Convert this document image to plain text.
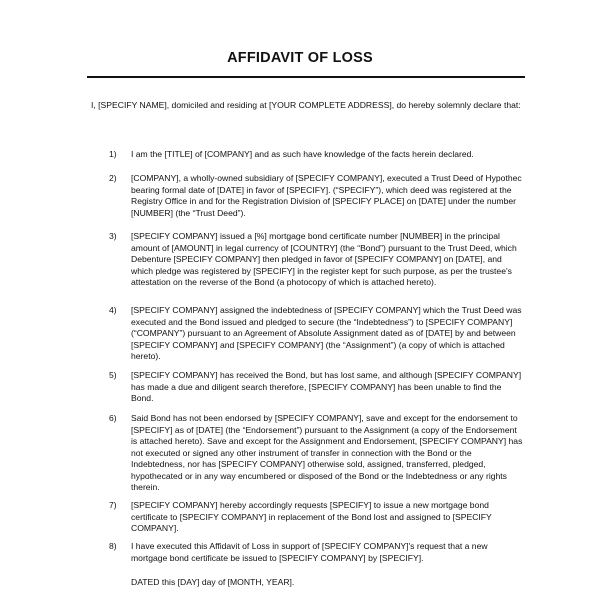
AFFIDAVIT OF LOSS
I, [SPECIFY NAME], domiciled and residing at [YOUR COMPLETE ADDRESS], do hereby solemnly declare that:
1)	I am the [TITLE] of [COMPANY] and as such have knowledge of the facts herein declared.
2)	[COMPANY], a wholly-owned subsidiary of [SPECIFY COMPANY], executed a Trust Deed of Hypothec bearing formal date of [DATE] in favor of [SPECIFY]. (“SPECIFY”), which deed was registered at the Registry Office in and for the Registration Division of [SPECIFY PLACE] on [DATE] under the number [NUMBER] (the “Trust Deed”).
3)	[SPECIFY COMPANY] issued a [%] mortgage bond certificate number [NUMBER] in the principal amount of [AMOUNT] in legal currency of [COUNTRY] (the “Bond”) pursuant to the Trust Deed, which Debenture [SPECIFY COMPANY] then pledged in favor of [SPECIFY COMPANY] on [DATE], and which pledge was registered by [SPECIFY] in the register kept for such purpose, as per the trustee's attestation on the reverse of the Bond (a photocopy of which is attached hereto).
4)	[SPECIFY COMPANY] assigned the indebtedness of [SPECIFY COMPANY] which the Trust Deed was executed and the Bond issued and pledged to secure (the “Indebtedness”) to [SPECIFY COMPANY] (“COMPANY”) pursuant to an Agreement of Absolute Assignment dated as of [DATE] by and between [SPECIFY COMPANY] and [SPECIFY COMPANY] (the “Assignment”) (a copy of which is attached hereto).
5)	[SPECIFY COMPANY] has received the Bond, but has lost same, and although [SPECIFY COMPANY] has made a due and diligent search therefore, [SPECIFY COMPANY] has been unable to find the Bond.
6)	Said Bond has not been endorsed by [SPECIFY COMPANY], save and except for the endorsement to [SPECIFY] as of [DATE] (the “Endorsement”) pursuant to the Assignment (a copy of the Endorsement is attached hereto). Save and except for the Assignment and Endorsement, [SPECIFY COMPANY] has not executed or signed any other instrument of transfer in connection with the Bond or the Indebtedness, nor has [SPECIFY COMPANY] otherwise sold, assigned, transferred, pledged, hypothecated or in any way encumbered or disposed of the Bond or the Indebtedness or any rights therein.
7)	[SPECIFY COMPANY] hereby accordingly requests [SPECIFY] to issue a new mortgage bond certificate to [SPECIFY COMPANY] in replacement of the Bond lost and assigned to [SPECIFY COMPANY].
8)	I have executed this Affidavit of Loss in support of [SPECIFY COMPANY]'s request that a new mortgage bond certificate be issued to [SPECIFY COMPANY] by [SPECIFY].
DATED this [DAY] day of [MONTH, YEAR].
